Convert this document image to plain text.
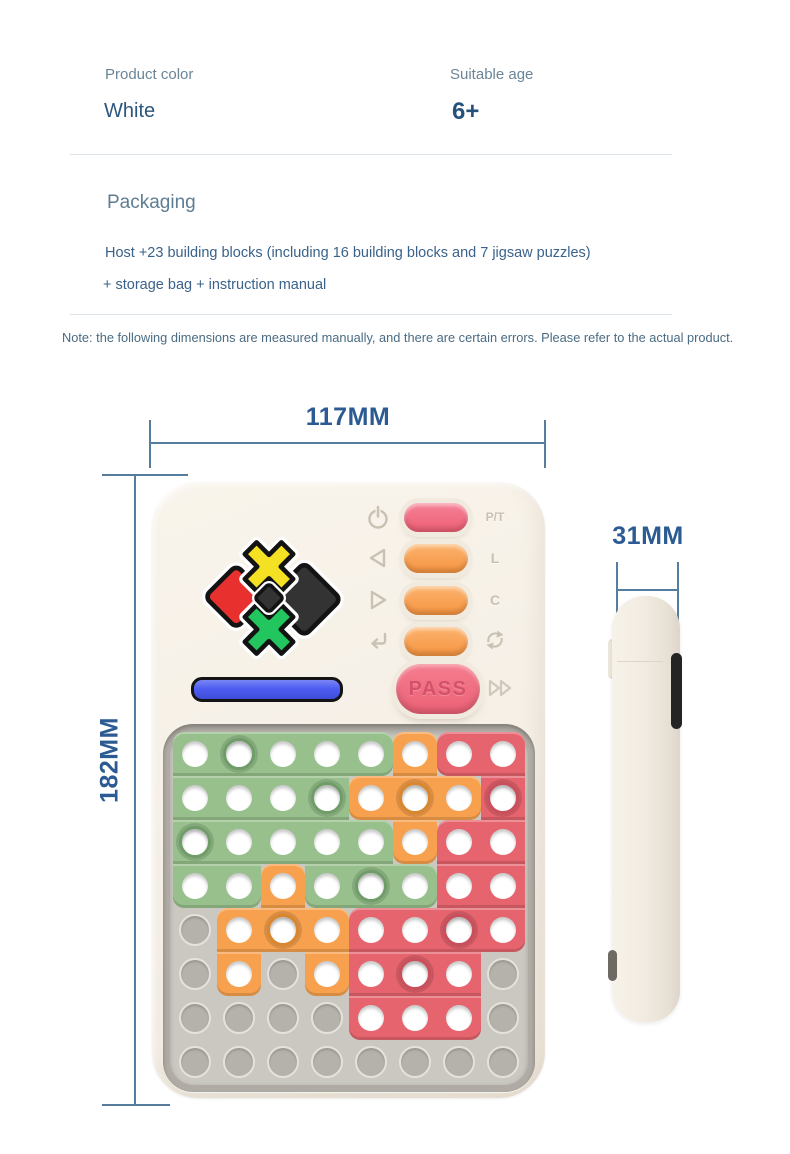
Product color
White
Suitable age
6+
Packaging
Host +23 building blocks (including 16 building blocks and 7 jigsaw puzzles)
+ storage bag + instruction manual
Note: the following dimensions are measured manually, and there are certain errors. Please refer to the actual product.
117MM
182MM
P/T
L
C
PASS
31MM
